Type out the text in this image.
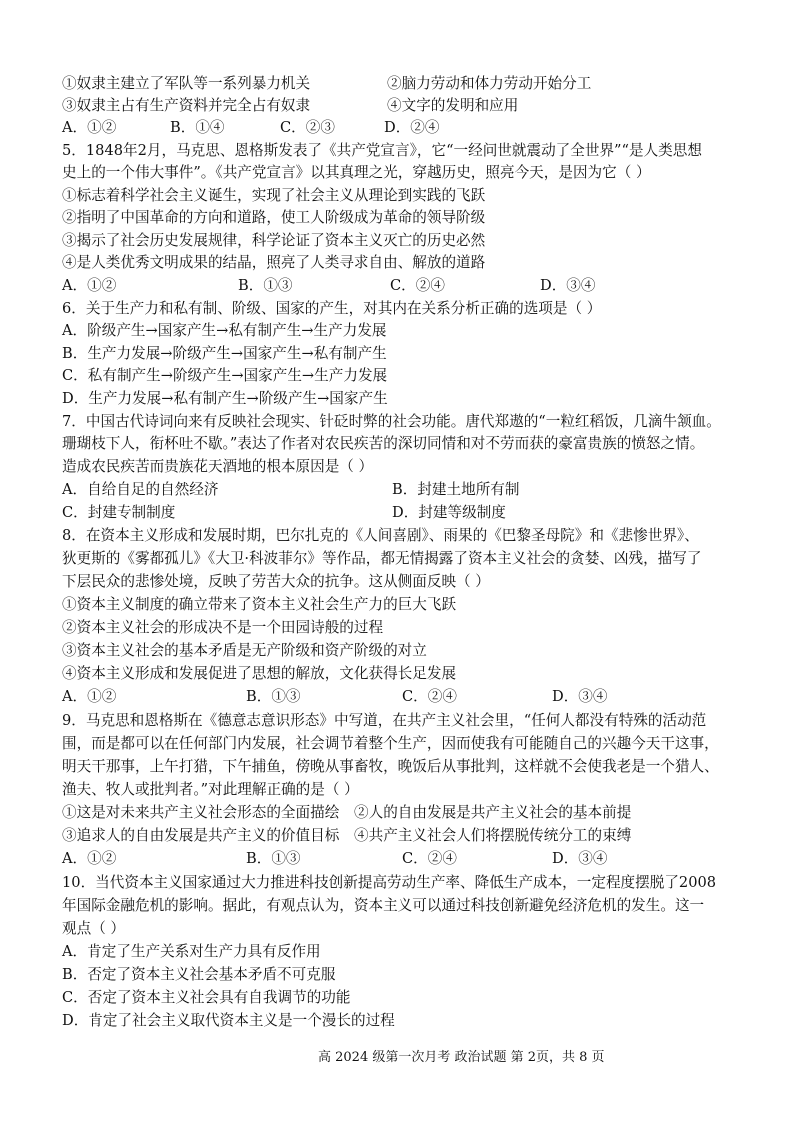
①奴隶主建立了军队等一系列暴力机关	②脑力劳动和体力劳动开始分工
③奴隶主占有生产资料并完全占有奴隶	④文字的发明和应用
A．①②	B．①④	C．②③	D．②④
5．1848年2月，马克思、恩格斯发表了《共产党宣言》，它“一经问世就震动了全世界”“是人类思想
史上的一个伟大事件”。《共产党宣言》以其真理之光，穿越历史，照亮今天，是因为它（ ）
①标志着科学社会主义诞生，实现了社会主义从理论到实践的飞跃
②指明了中国革命的方向和道路，使工人阶级成为革命的领导阶级
③揭示了社会历史发展规律，科学论证了资本主义灭亡的历史必然
④是人类优秀文明成果的结晶，照亮了人类寻求自由、解放的道路
A．①②	B．①③	C．②④	D．③④
6．关于生产力和私有制、阶级、国家的产生，对其内在关系分析正确的选项是（ ）
A．阶级产生→国家产生→私有制产生→生产力发展
B．生产力发展→阶级产生→国家产生→私有制产生
C．私有制产生→阶级产生→国家产生→生产力发展
D．生产力发展→私有制产生→阶级产生→国家产生
7．中国古代诗词向来有反映社会现实、针砭时弊的社会功能。唐代郑遨的“一粒红稻饭，几滴牛颔血。
珊瑚枝下人，衔杯吐不歇。”表达了作者对农民疾苦的深切同情和对不劳而获的豪富贵族的愤怒之情。
造成农民疾苦而贵族花天酒地的根本原因是（ ）
A．自给自足的自然经济	B．封建土地所有制
C．封建专制制度	D．封建等级制度
8．在资本主义形成和发展时期，巴尔扎克的《人间喜剧》、雨果的《巴黎圣母院》和《悲惨世界》、
狄更斯的《雾都孤儿》《大卫·科波菲尔》等作品，都无情揭露了资本主义社会的贪婪、凶残，描写了
下层民众的悲惨处境，反映了劳苦大众的抗争。这从侧面反映（ ）
①资本主义制度的确立带来了资本主义社会生产力的巨大飞跃
②资本主义社会的形成决不是一个田园诗般的过程
③资本主义社会的基本矛盾是无产阶级和资产阶级的对立
④资本主义形成和发展促进了思想的解放，文化获得长足发展
A．①②	B．①③	C．②④	D．③④
9．马克思和恩格斯在《德意志意识形态》中写道，在共产主义社会里，“任何人都没有特殊的活动范
围，而是都可以在任何部门内发展，社会调节着整个生产，因而使我有可能随自己的兴趣今天干这事，
明天干那事，上午打猎，下午捕鱼，傍晚从事畜牧，晚饭后从事批判，这样就不会使我老是一个猎人、
渔夫、牧人或批判者。”对此理解正确的是（ ）
①这是对未来共产主义社会形态的全面描绘 ②人的自由发展是共产主义社会的基本前提
③追求人的自由发展是共产主义的价值目标 ④共产主义社会人们将摆脱传统分工的束缚
A．①②	B．①③	C．②④	D．③④
10．当代资本主义国家通过大力推进科技创新提高劳动生产率、降低生产成本，一定程度摆脱了2008
年国际金融危机的影响。据此，有观点认为，资本主义可以通过科技创新避免经济危机的发生。这一
观点（ ）
A．肯定了生产关系对生产力具有反作用
B．否定了资本主义社会基本矛盾不可克服
C．否定了资本主义社会具有自我调节的功能
D．肯定了社会主义取代资本主义是一个漫长的过程
高 2024 级第一次月考 政治试题 第 2页，共 8 页
